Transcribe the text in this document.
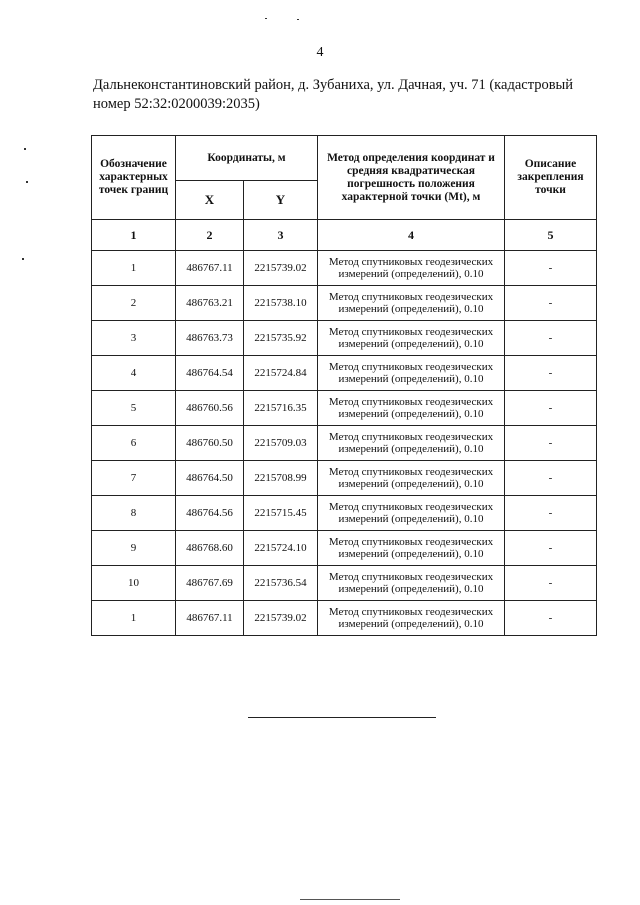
4
Дальнеконстантиновский район, д. Зубаниха, ул. Дачная, уч. 71 (кадастровый номер 52:32:0200039:2035)
Обозначение характерных точек границ	Координаты, м		Метод определения координат и средняя квадратическая погрешность положения характерной точки (Mt), м	Описание закрепления точки
	X	Y		
1	2	3	4	5
1	486767.11	2215739.02	Метод спутниковых геодезических измерений (определений), 0.10	-
2	486763.21	2215738.10	Метод спутниковых геодезических измерений (определений), 0.10	-
3	486763.73	2215735.92	Метод спутниковых геодезических измерений (определений), 0.10	-
4	486764.54	2215724.84	Метод спутниковых геодезических измерений (определений), 0.10	-
5	486760.56	2215716.35	Метод спутниковых геодезических измерений (определений), 0.10	-
6	486760.50	2215709.03	Метод спутниковых геодезических измерений (определений), 0.10	-
7	486764.50	2215708.99	Метод спутниковых геодезических измерений (определений), 0.10	-
8	486764.56	2215715.45	Метод спутниковых геодезических измерений (определений), 0.10	-
9	486768.60	2215724.10	Метод спутниковых геодезических измерений (определений), 0.10	-
10	486767.69	2215736.54	Метод спутниковых геодезических измерений (определений), 0.10	-
1	486767.11	2215739.02	Метод спутниковых геодезических измерений (определений), 0.10	-
